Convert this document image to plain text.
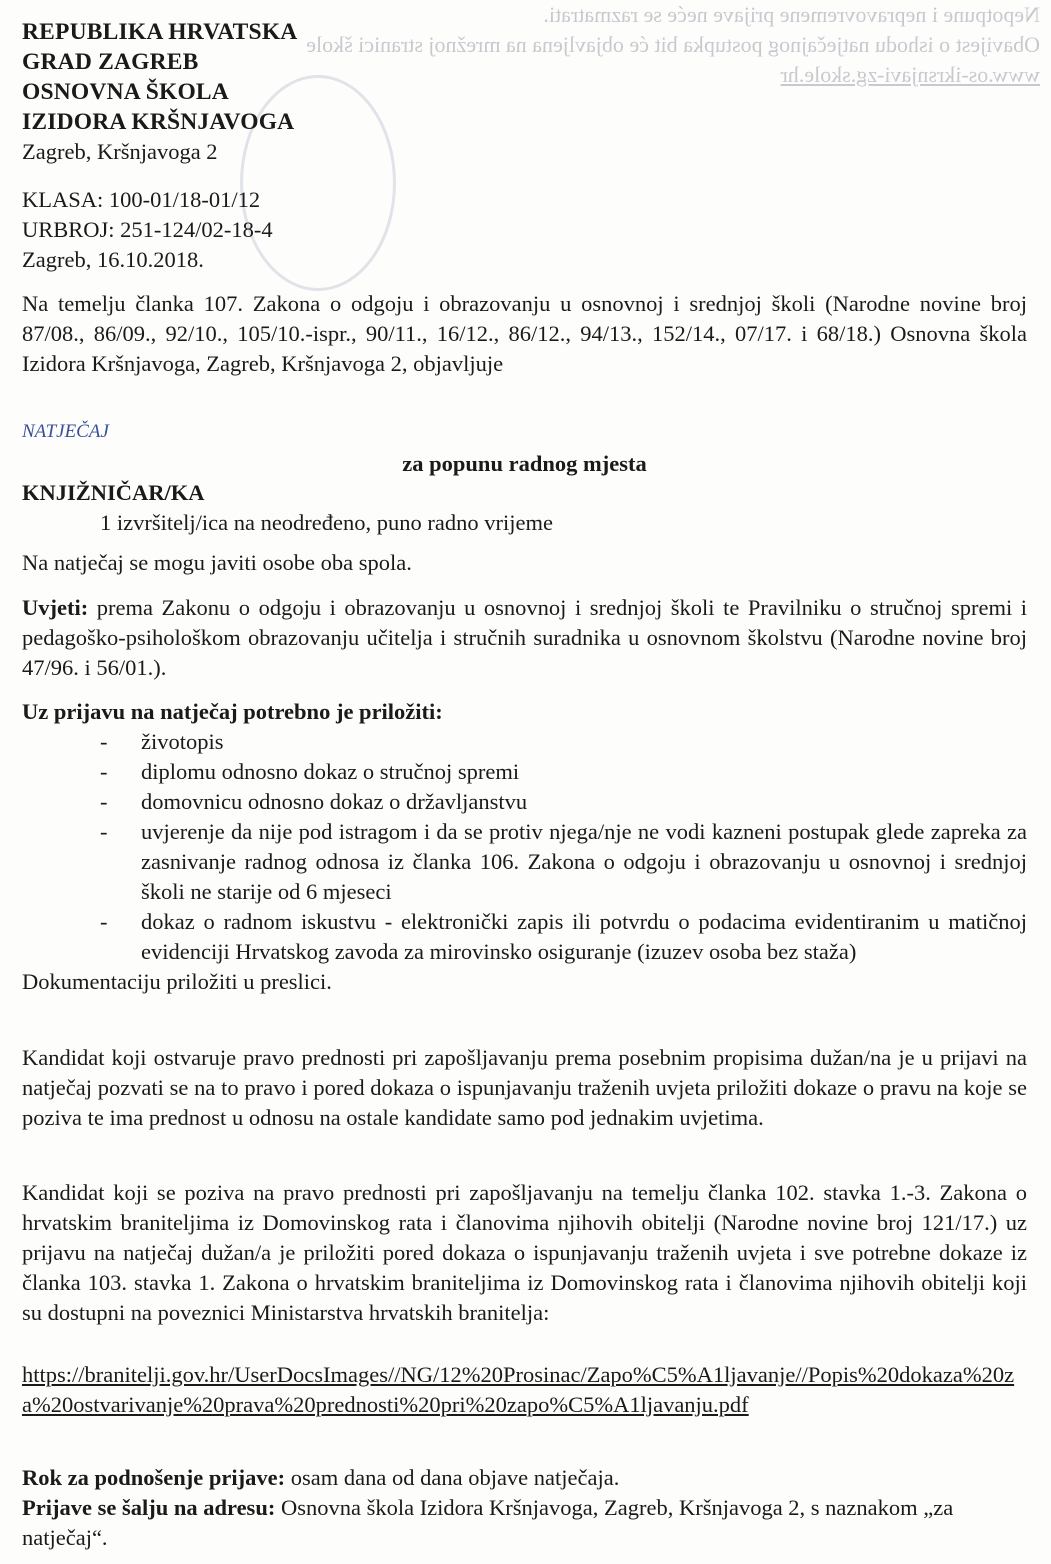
Nepotpune i nepravovremene prijave neće se razmatrati.
Obavijest o ishodu natječajnog postupka bit će objavljena na mrežnoj stranici škole
www.os-ikrsnjavi-zg.skole.hr
REPUBLIKA HRVATSKA
GRAD ZAGREB
OSNOVNA ŠKOLA
IZIDORA KRŠNJAVOGA
Zagreb, Kršnjavoga 2
KLASA: 100-01/18-01/12
URBROJ: 251-124/02-18-4
Zagreb, 16.10.2018.
Na temelju članka 107. Zakona o odgoju i obrazovanju u osnovnoj i srednjoj školi (Narodne novine broj 87/08., 86/09., 92/10., 105/10.-ispr., 90/11., 16/12., 86/12., 94/13., 152/14., 07/17. i 68/18.) Osnovna škola Izidora Kršnjavoga, Zagreb, Kršnjavoga 2, objavljuje
NATJEČAJ
za popunu radnog mjesta
KNJIŽNIČAR/KA
1 izvršitelj/ica na neodređeno, puno radno vrijeme
Na natječaj se mogu javiti osobe oba spola.
Uvjeti: prema Zakonu o odgoju i obrazovanju u osnovnoj i srednjoj školi te Pravilniku o stručnoj spremi i pedagoško-psihološkom obrazovanju učitelja i stručnih suradnika u osnovnom školstvu (Narodne novine broj 47/96. i 56/01.).
Uz prijavu na natječaj potrebno je priložiti:
- životopis
- diplomu odnosno dokaz o stručnoj spremi
- domovnicu odnosno dokaz o državljanstvu
- uvjerenje da nije pod istragom i da se protiv njega/nje ne vodi kazneni postupak glede zapreka za zasnivanje radnog odnosa iz članka 106. Zakona o odgoju i obrazovanju u osnovnoj i srednjoj školi ne starije od 6 mjeseci
- dokaz o radnom iskustvu - elektronički zapis ili potvrdu o podacima evidentiranim u matičnoj evidenciji Hrvatskog zavoda za mirovinsko osiguranje (izuzev osoba bez staža)
Dokumentaciju priložiti u preslici.
Kandidat koji ostvaruje pravo prednosti pri zapošljavanju prema posebnim propisima dužan/na je u prijavi na natječaj pozvati se na to pravo i pored dokaza o ispunjavanju traženih uvjeta priložiti dokaze o pravu na koje se poziva te ima prednost u odnosu na ostale kandidate samo pod jednakim uvjetima.
Kandidat koji se poziva na pravo prednosti pri zapošljavanju na temelju članka 102. stavka 1.-3. Zakona o hrvatskim braniteljima iz Domovinskog rata i članovima njihovih obitelji (Narodne novine broj 121/17.) uz prijavu na natječaj dužan/a je priložiti pored dokaza o ispunjavanju traženih uvjeta i sve potrebne dokaze iz članka 103. stavka 1. Zakona o hrvatskim braniteljima iz Domovinskog rata i članovima njihovih obitelji koji su dostupni na poveznici Ministarstva hrvatskih branitelja:
https://branitelji.gov.hr/UserDocsImages//NG/12%20Prosinac/Zapo%C5%A1ljavanje//Popis%20dokaza%20za%20ostvarivanje%20prava%20prednosti%20pri%20zapo%C5%A1ljavanju.pdf
Rok za podnošenje prijave: osam dana od dana objave natječaja.
Prijave se šalju na adresu: Osnovna škola Izidora Kršnjavoga, Zagreb, Kršnjavoga 2, s naznakom „za natječaj“.
